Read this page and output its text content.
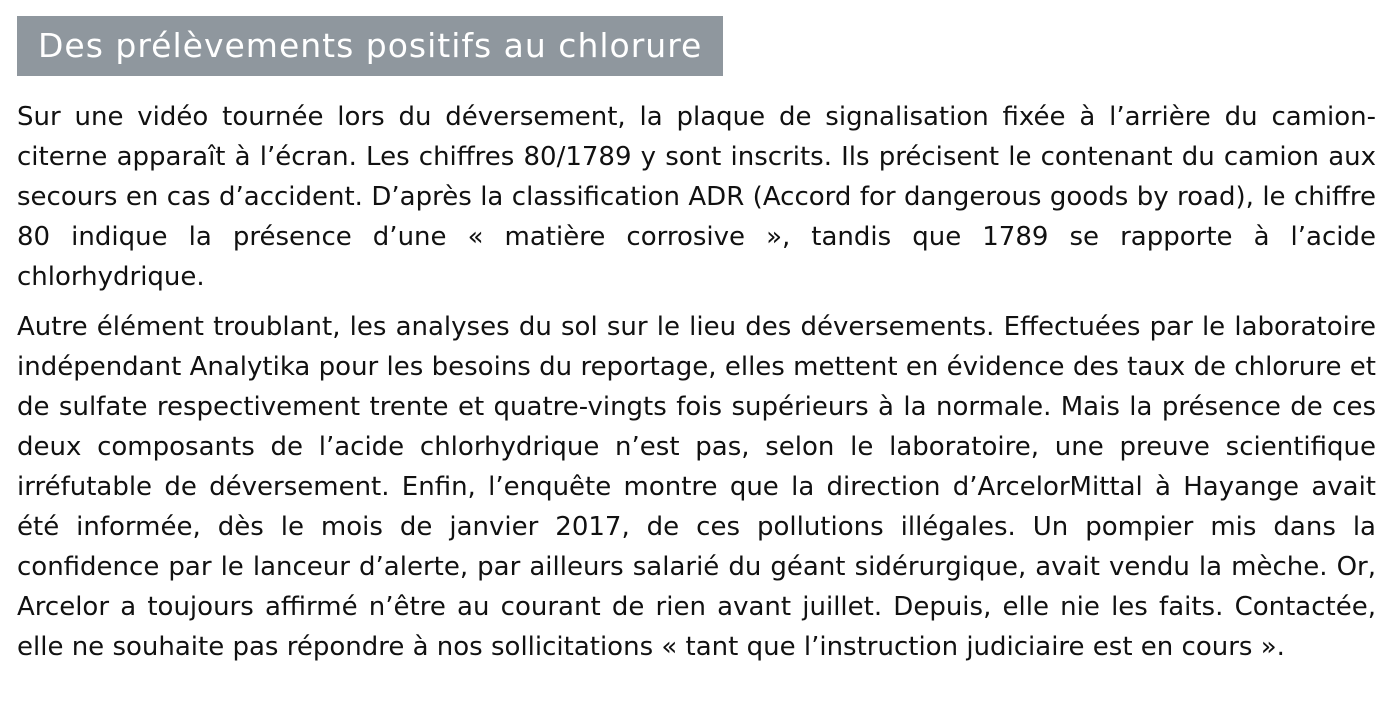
Des prélèvements positifs au chlorure

Sur une vidéo tournée lors du déversement, la plaque de signalisation fixée à l’arrière du camion-citerne apparaît à l’écran. Les chiffres 80/1789 y sont inscrits. Ils précisent le contenant du camion aux secours en cas d’accident. D’après la classification ADR (Accord for dangerous goods by road), le chiffre 80 indique la présence d’une « matière corrosive », tandis que 1789 se rapporte à l’acide chlorhydrique.

Autre élément troublant, les analyses du sol sur le lieu des déversements. Effectuées par le laboratoire indépendant Analytika pour les besoins du reportage, elles mettent en évidence des taux de chlorure et de sulfate respectivement trente et quatre-vingts fois supérieurs à la normale. Mais la présence de ces deux composants de l’acide chlorhydrique n’est pas, selon le laboratoire, une preuve scientifique irréfutable de déversement. Enfin, l’enquête montre que la direction d’ArcelorMittal à Hayange avait été informée, dès le mois de janvier 2017, de ces pollutions illégales. Un pompier mis dans la confidence par le lanceur d’alerte, par ailleurs salarié du géant sidérurgique, avait vendu la mèche. Or, Arcelor a toujours affirmé n’être au courant de rien avant juillet. Depuis, elle nie les faits. Contactée, elle ne souhaite pas répondre à nos sollicitations « tant que l’instruction judiciaire est en cours ».
